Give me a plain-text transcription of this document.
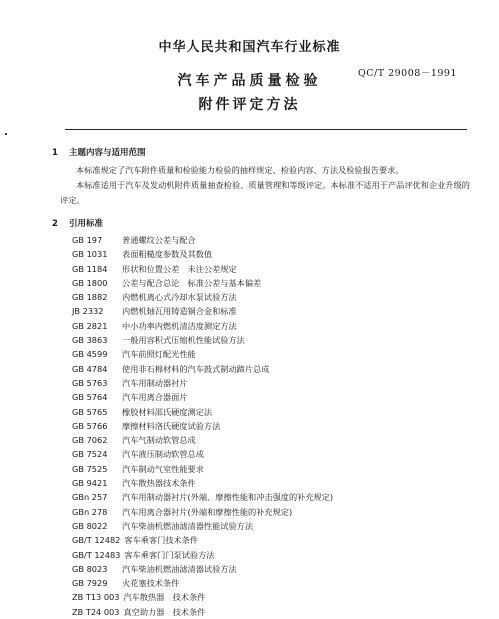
中华人民共和国汽车行业标准
QC/T 29008－1991
汽车产品质量检验
附件评定方法
1 主题内容与适用范围
本标准规定了汽车附件质量和检验能力检验的抽样规定、检验内容、方法及检验报告要求。
本标准适用于汽车及发动机附件质量抽查检验、质量管理和等级评定。本标准不适用于产品评优和企业升级的评定。
2 引用标准
GB 197 普通螺纹公差与配合
GB 1031 表面粗糙度参数及其数值
GB 1184 形状和位置公差　未注公差规定
GB 1800 公差与配合总论　标准公差与基本偏差
GB 1882 内燃机离心式冷却水泵试验方法
JB 2332 内燃机轴瓦用铸造铜合金和标准
GB 2821 中小功率内燃机清洁度测定方法
GB 3863 一般用容积式压缩机性能试验方法
GB 4599 汽车前照灯配光性能
GB 4784 使用非石棉材料的汽车鼓式制动蹄片总成
GB 5763 汽车用制动器衬片
GB 5764 汽车用离合器面片
GB 5765 橡胶材料邵氏硬度测定法
GB 5766 摩擦材料洛氏硬度试验方法
GB 7062 汽车气制动软管总成
GB 7524 汽车液压制动软管总成
GB 7525 汽车制动气室性能要求
GB 9421 汽车散热器技术条件
GBn 257 汽车用制动器衬片(外端、摩擦性能和冲击强度的补充规定)
GBn 278 汽车用离合器衬片(外端和摩擦性能的补充规定)
GB 8022 汽车柴油机燃油滤清器性能试验方法
GB/T 12482 客车乘客门技术条件
GB/T 12483 客车乘客门门泵试验方法
GB 8023 汽车柴油机燃油滤清器试验方法
GB 7929 火花塞技术条件
ZB T13 003 汽车散热器　技术条件
ZB T24 003 真空助力器　技术条件
